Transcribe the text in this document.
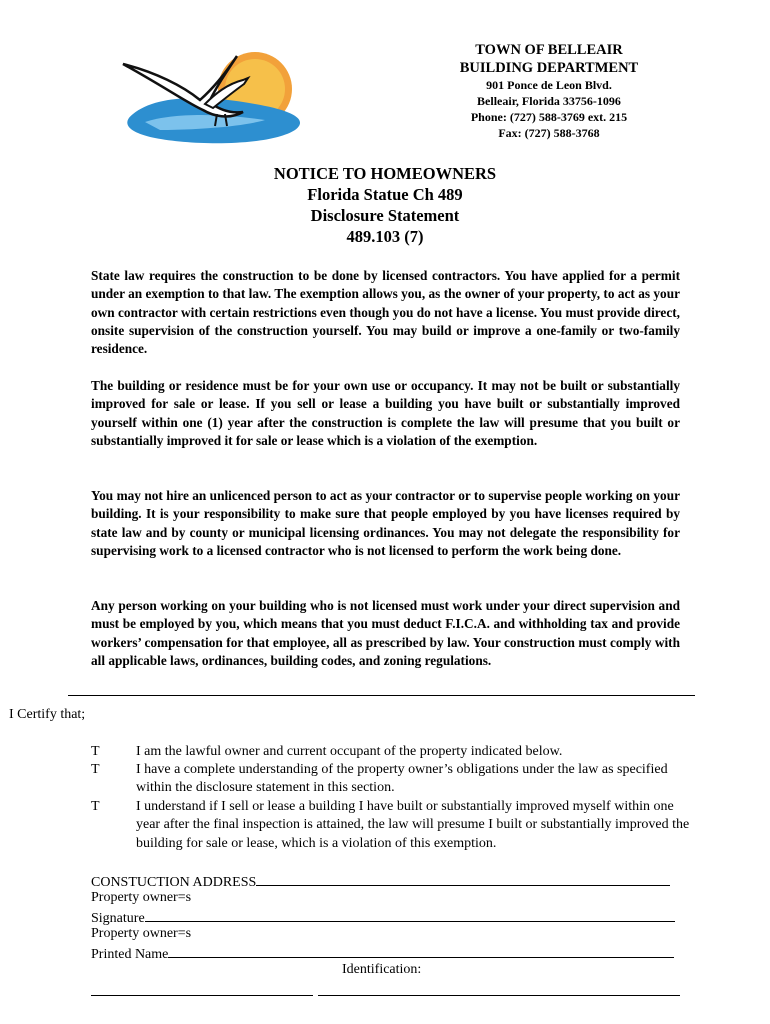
TOWN OF BELLEAIR
BUILDING DEPARTMENT
901 Ponce de Leon Blvd.
Belleair, Florida 33756-1096
Phone: (727) 588-3769 ext. 215
Fax: (727) 588-3768
NOTICE TO HOMEOWNERS
Florida Statue Ch 489
Disclosure Statement
489.103 (7)
State law requires the construction to be done by licensed contractors. You have applied for a permit under an exemption to that law. The exemption allows you, as the owner of your property, to act as your own contractor with certain restrictions even though you do not have a license. You must provide direct, onsite supervision of the construction yourself. You may build or improve a one-family or two-family residence.
The building or residence must be for your own use or occupancy. It may not be built or substantially improved for sale or lease. If you sell or lease a building you have built or substantially improved yourself within one (1) year after the construction is complete the law will presume that you built or substantially improved it for sale or lease which is a violation of the exemption.
You may not hire an unlicenced person to act as your contractor or to supervise people working on your building. It is your responsibility to make sure that people employed by you have licenses required by state law and by county or municipal licensing ordinances. You may not delegate the responsibility for supervising work to a licensed contractor who is not licensed to perform the work being done.
Any person working on your building who is not licensed must work under your direct supervision and must be employed by you, which means that you must deduct F.I.C.A. and withholding tax and provide workers’ compensation for that employee, all as prescribed by law. Your construction must comply with all applicable laws, ordinances, building codes, and zoning regulations.
I Certify that;
T	I am the lawful owner and current occupant of the property indicated below.
T	I have a complete understanding of the property owner’s obligations under the law as specified within the disclosure statement in this section.
T	I understand if I sell or lease a building I have built or substantially improved myself within one year after the final inspection is attained, the law will presume I built or substantially improved the building for sale or lease, which is a violation of this exemption.
CONSTUCTION ADDRESS
Property owner=s
Signature
Property owner=s
Printed Name
Identification:
